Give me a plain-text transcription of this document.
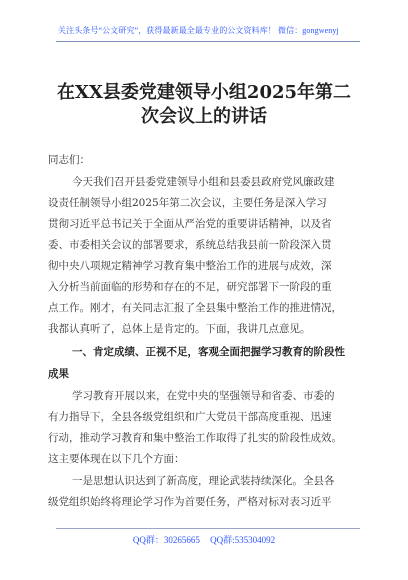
关注头条号“公文研究”，获得最新最全最专业的公文资料库！ 微信：gongwenyj
在XX县委党建领导小组2025年第二
次会议上的讲话
同志们：
今天我们召开县委党建领导小组和县委县政府党风廉政建
设责任制领导小组2025年第二次会议，主要任务是深入学习
贯彻习近平总书记关于全面从严治党的重要讲话精神，以及省
委、市委相关会议的部署要求，系统总结我县前一阶段深入贯
彻中央八项规定精神学习教育集中整治工作的进展与成效，深
入分析当前面临的形势和存在的不足，研究部署下一阶段的重
点工作。刚才，有关同志汇报了全县集中整治工作的推进情况，
我都认真听了，总体上是肯定的。下面，我讲几点意见。
一、肯定成绩、正视不足，客观全面把握学习教育的阶段性
成果
学习教育开展以来，在党中央的坚强领导和省委、市委的
有力指导下，全县各级党组织和广大党员干部高度重视、迅速
行动，推动学习教育和集中整治工作取得了扎实的阶段性成效。
这主要体现在以下几个方面：
一是思想认识达到了新高度，理论武装持续深化。全县各
级党组织始终将理论学习作为首要任务，严格对标对表习近平
QQ群：30265665 QQ群:535304092
